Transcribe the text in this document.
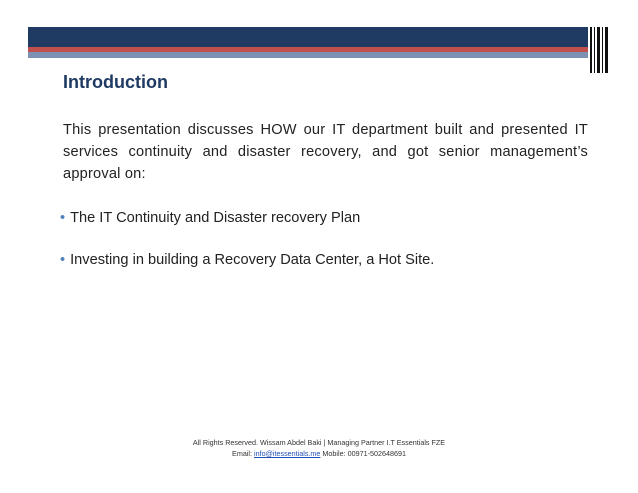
Introduction

This presentation discusses HOW our IT department built and presented IT services continuity and disaster recovery, and got senior management’s approval on:

• The IT Continuity and Disaster recovery Plan

• Investing in building a Recovery Data Center, a Hot Site.

All Rights Reserved. Wissam Abdel Baki | Managing Partner I.T Essentials FZE
Email: info@itessentials.me Mobile: 00971-502648691
